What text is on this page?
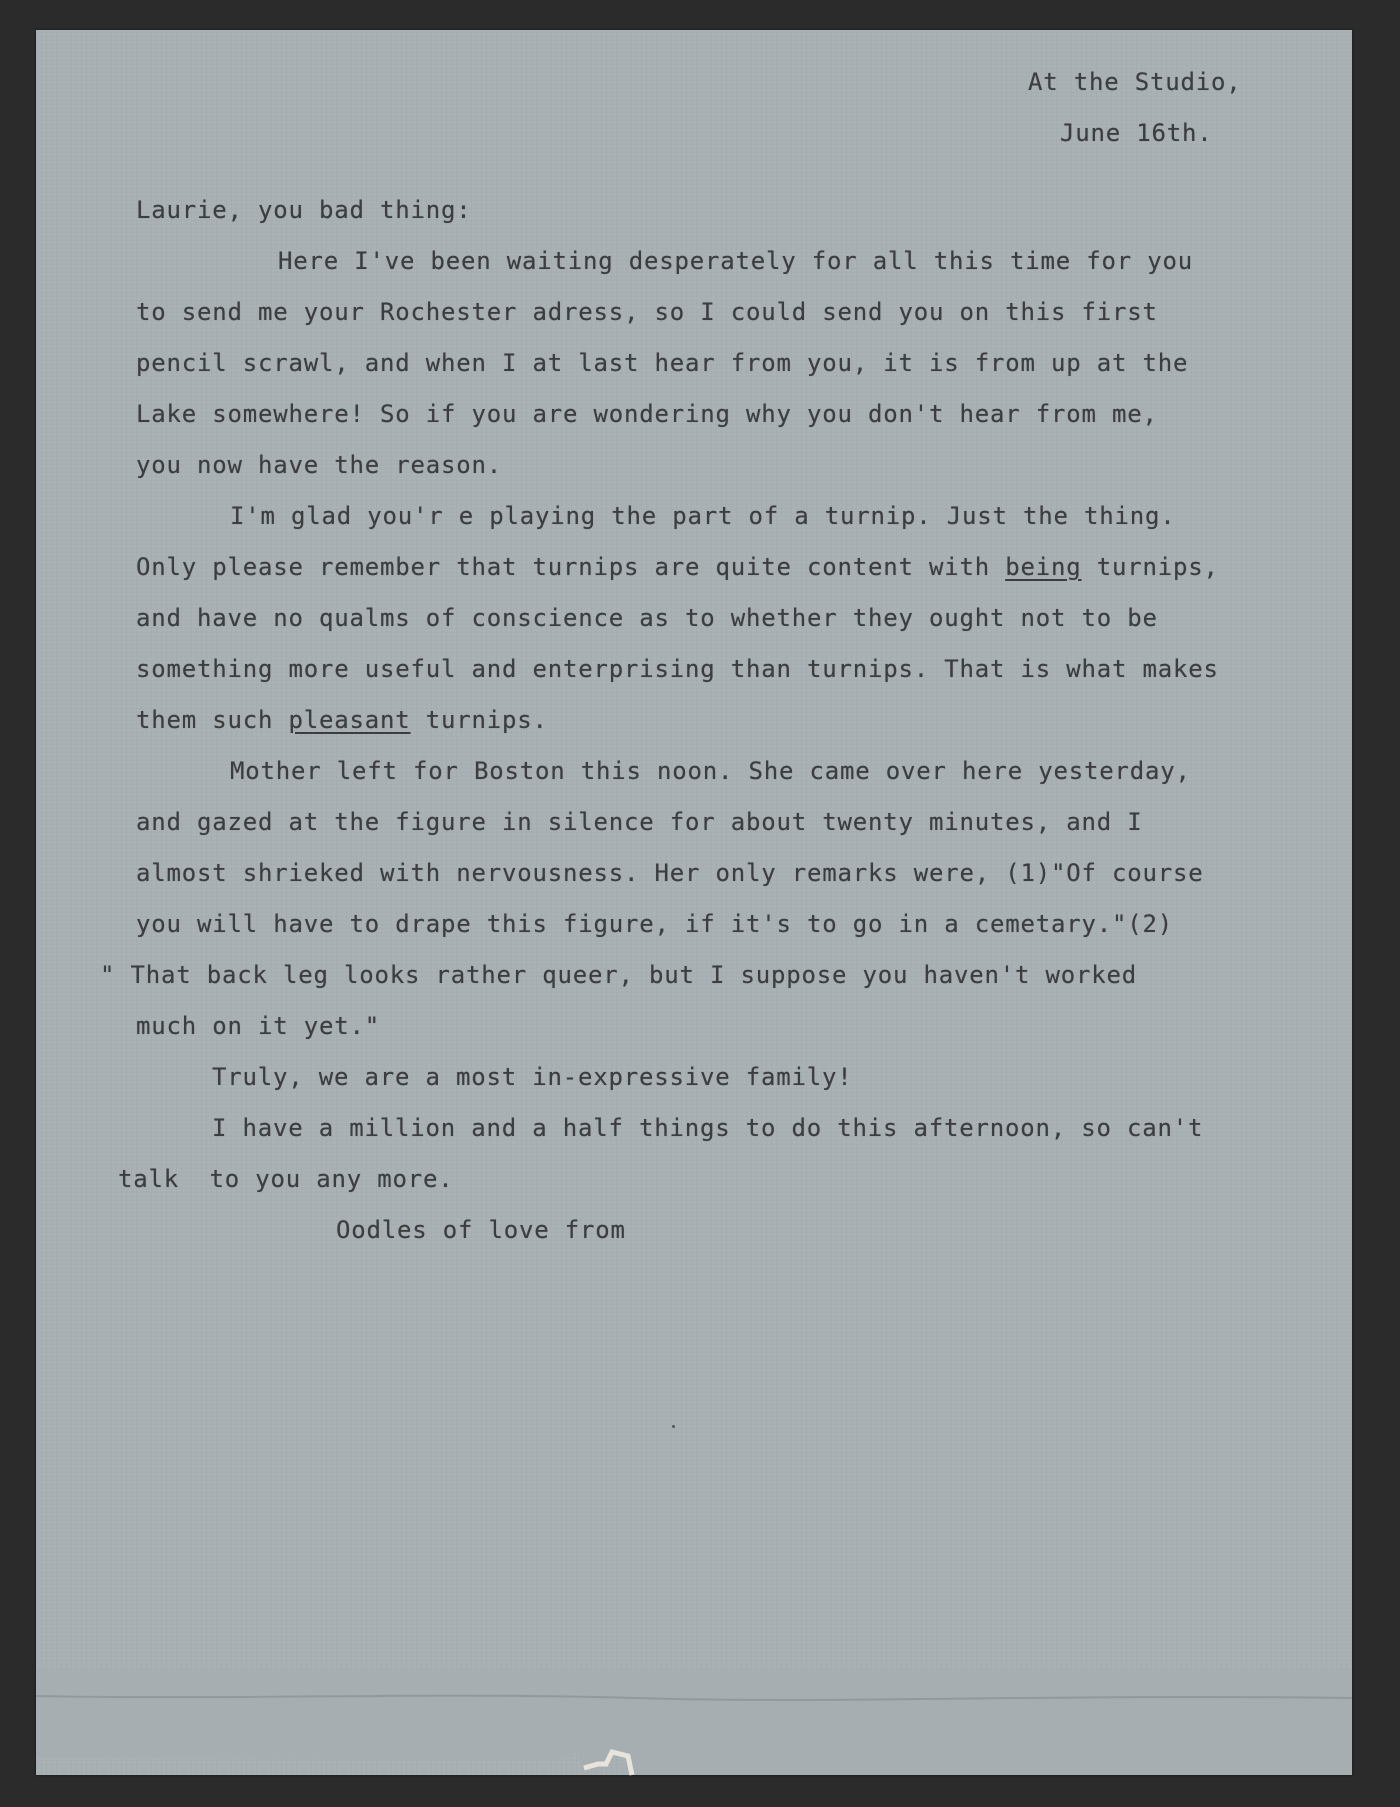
At the Studio,
June 16th.
Laurie, you bad thing:
Here I've been waiting desperately for all this time for you
to send me your Rochester adress, so I could send you on this first
pencil scrawl, and when I at last hear from you, it is from up at the
Lake somewhere! So if you are wondering why you don't hear from me,
you now have the reason.
I'm glad you'r e playing the part of a turnip. Just the thing.
Only please remember that turnips are quite content with being turnips,
and have no qualms of conscience as to whether they ought not to be
something more useful and enterprising than turnips. That is what makes
them such pleasant turnips.
Mother left for Boston this noon. She came over here yesterday,
and gazed at the figure in silence for about twenty minutes, and I
almost shrieked with nervousness. Her only remarks were, (1)"Of course
you will have to drape this figure, if it's to go in a cemetary."(2)
" That back leg looks rather queer, but I suppose you haven't worked
much on it yet."
Truly, we are a most in-expressive family!
I have a million and a half things to do this afternoon, so can't
talk  to you any more.
Oodles of love from
